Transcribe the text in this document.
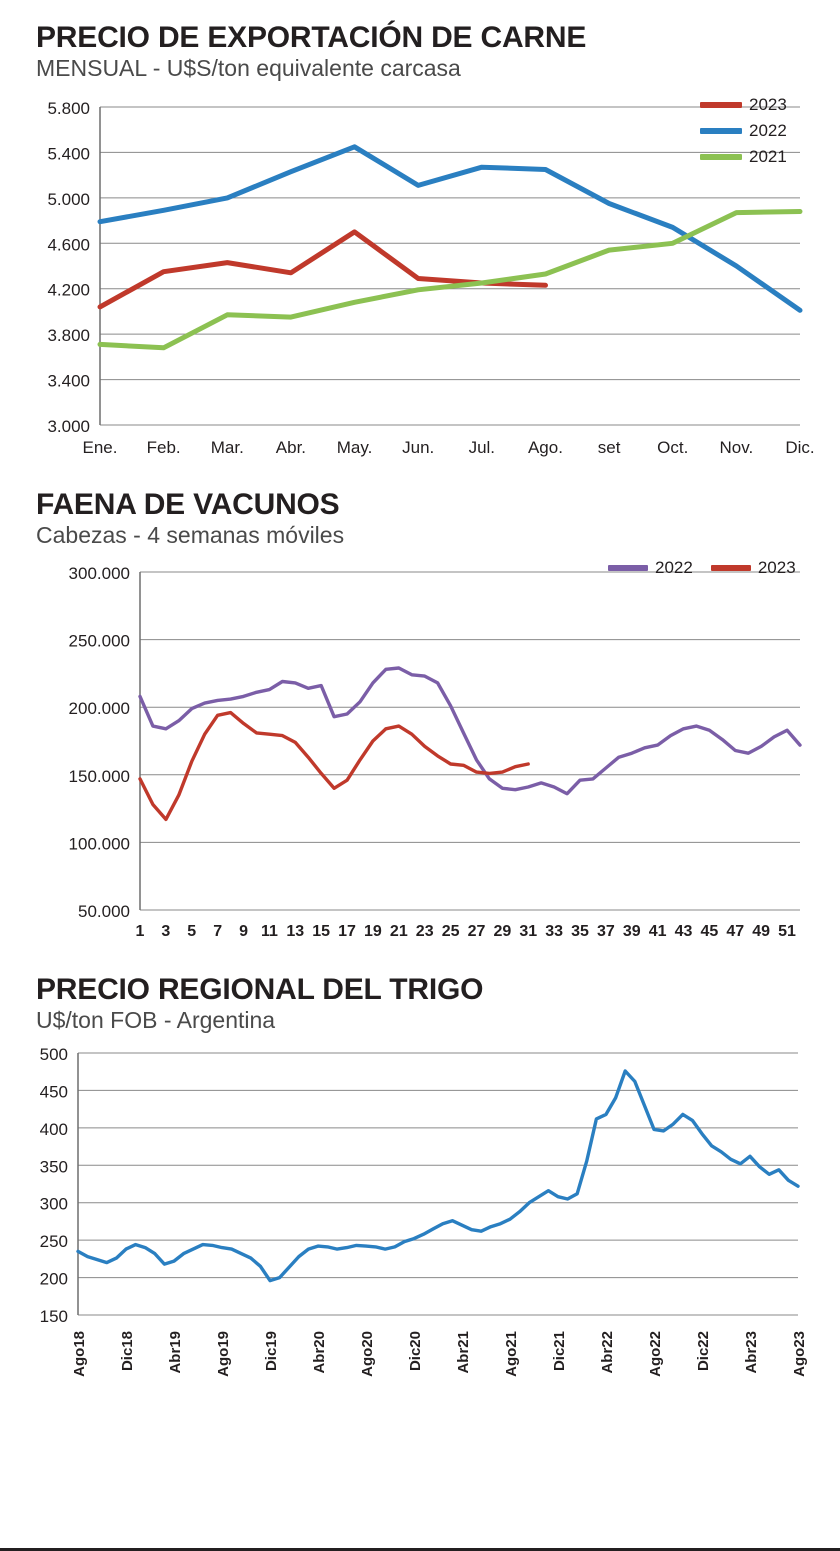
PRECIO DE EXPORTACIÓN DE CARNE
MENSUAL - U$S/ton equivalente carcasa
2023
2022
2021
3.000
3.400
3.800
4.200
4.600
5.000
5.400
5.800
Ene. Feb. Mar. Abr. May. Jun. Jul. Ago. set Oct. Nov. Dic.
FAENA DE VACUNOS
Cabezas - 4 semanas móviles
2022	2023
50.000
100.000
150.000
200.000
250.000
300.000
1 3 5 7 9 11 13 15 17 19 21 23 25 27 29 31 33 35 37 39 41 43 45 47 49 51
PRECIO REGIONAL DEL TRIGO
U$/ton FOB - Argentina
150
200
250
300
350
400
450
500
Ago18 Dic18 Abr19 Ago19 Dic19 Abr20 Ago20 Dic20 Abr21 Ago21 Dic21 Abr22 Ago22 Dic22 Abr23 Ago23
